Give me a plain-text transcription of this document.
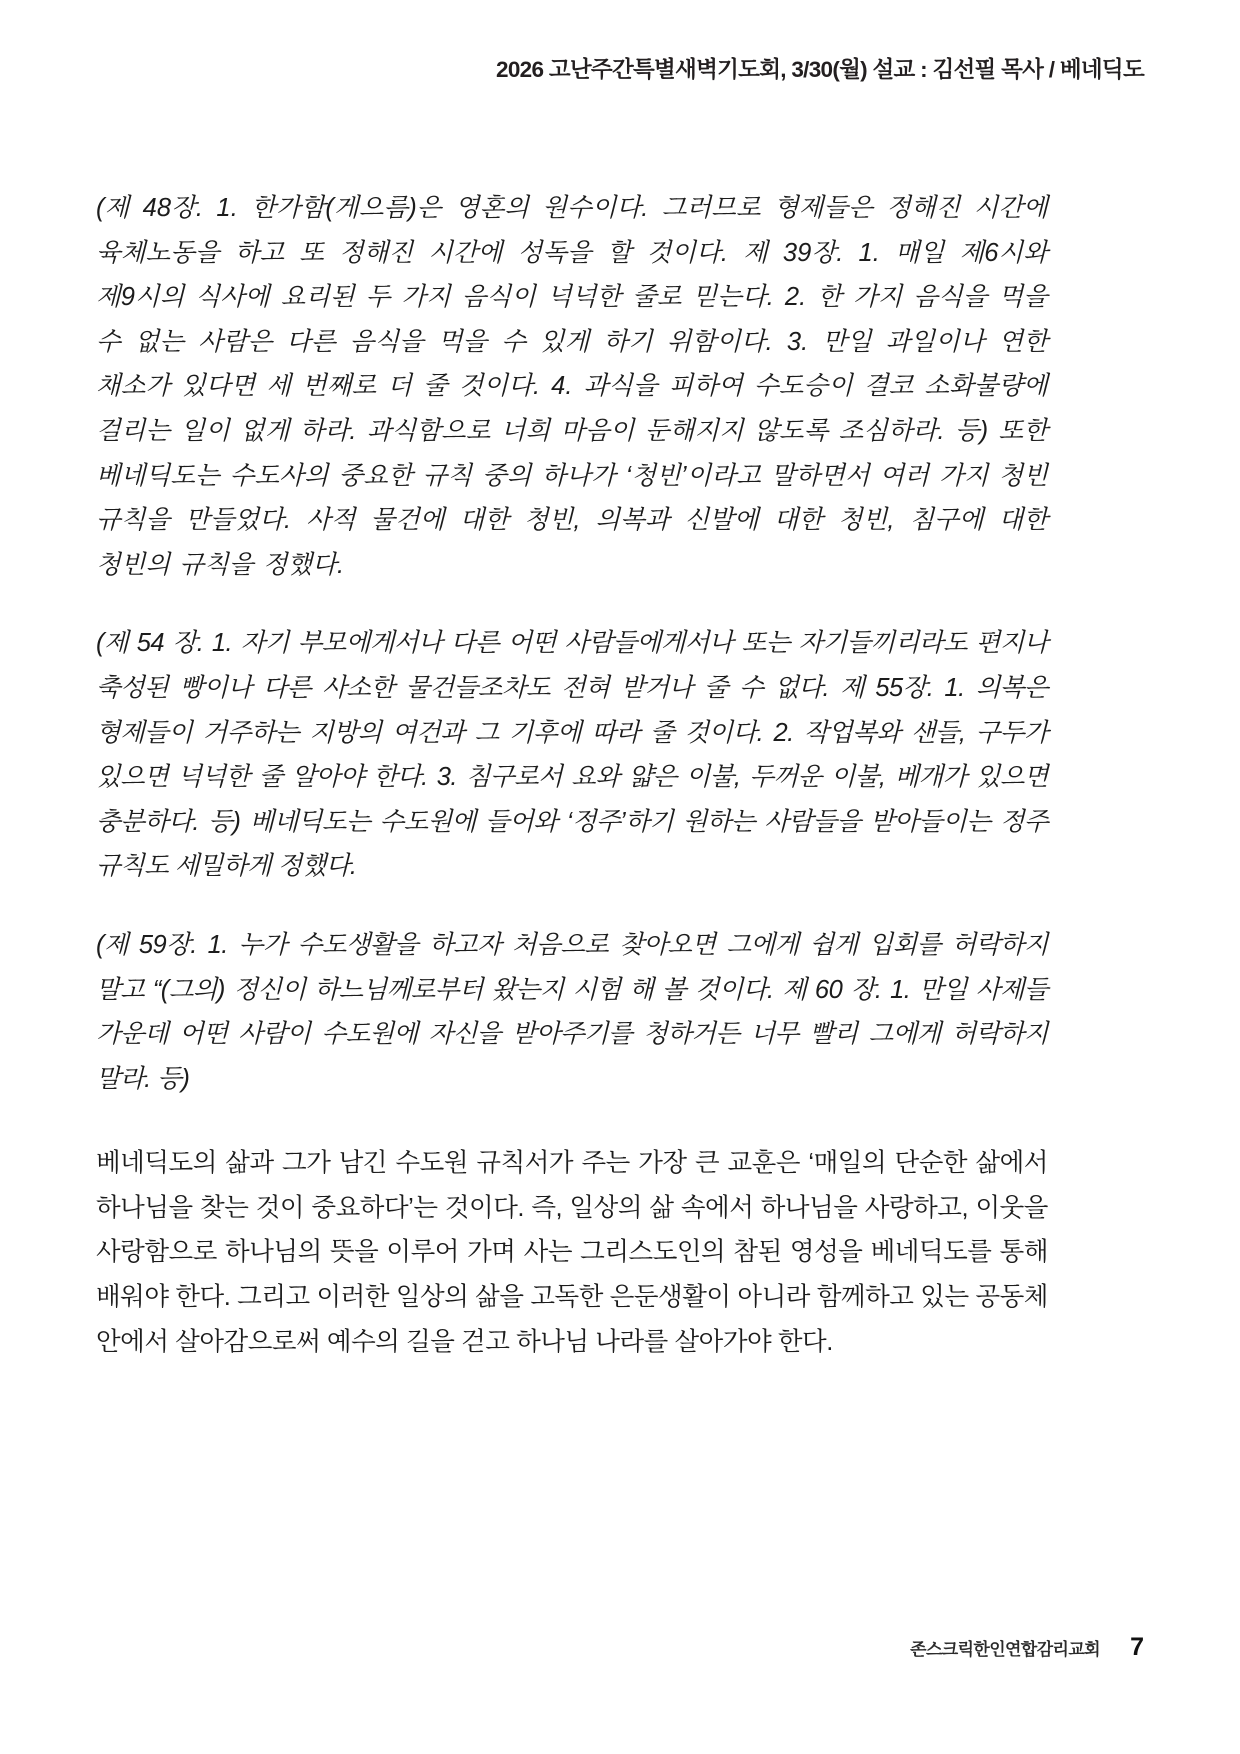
2026 고난주간특별새벽기도회, 3/30(월) 설교 : 김선필 목사 / 베네딕도

(제 48장. 1. 한가함(게으름)은 영혼의 원수이다. 그러므로 형제들은 정해진 시간에 육체노동을 하고 또 정해진 시간에 성독을 할 것이다. 제 39장. 1. 매일 제6시와 제9시의 식사에 요리된 두 가지 음식이 넉넉한 줄로 믿는다. 2. 한 가지 음식을 먹을 수 없는 사람은 다른 음식을 먹을 수 있게 하기 위함이다. 3. 만일 과일이나 연한 채소가 있다면 세 번째로 더 줄 것이다. 4. 과식을 피하여 수도승이 결코 소화불량에 걸리는 일이 없게 하라. 과식함으로 너희 마음이 둔해지지 않도록 조심하라. 등) 또한 베네딕도는 수도사의 중요한 규칙 중의 하나가 ‘청빈’이라고 말하면서 여러 가지 청빈 규칙을 만들었다. 사적 물건에 대한 청빈, 의복과 신발에 대한 청빈, 침구에 대한 청빈의 규칙을 정했다.

(제 54 장. 1. 자기 부모에게서나 다른 어떤 사람들에게서나 또는 자기들끼리라도 편지나 축성된 빵이나 다른 사소한 물건들조차도 전혀 받거나 줄 수 없다. 제 55장. 1. 의복은 형제들이 거주하는 지방의 여건과 그 기후에 따라 줄 것이다. 2. 작업복와 샌들, 구두가 있으면 넉넉한 줄 알아야 한다. 3. 침구로서 요와 얇은 이불, 두꺼운 이불, 베개가 있으면 충분하다. 등) 베네딕도는 수도원에 들어와 ‘정주’하기 원하는 사람들을 받아들이는 정주 규칙도 세밀하게 정했다.

(제 59장. 1. 누가 수도생활을 하고자 처음으로 찾아오면 그에게 쉽게 입회를 허락하지 말고 “(그의) 정신이 하느님께로부터 왔는지 시험 해 볼 것이다. 제 60 장. 1. 만일 사제들 가운데 어떤 사람이 수도원에 자신을 받아주기를 청하거든 너무 빨리 그에게 허락하지 말라. 등)

베네딕도의 삶과 그가 남긴 수도원 규칙서가 주는 가장 큰 교훈은 ‘매일의 단순한 삶에서 하나님을 찾는 것이 중요하다’는 것이다. 즉, 일상의 삶 속에서 하나님을 사랑하고, 이웃을 사랑함으로 하나님의 뜻을 이루어 가며 사는 그리스도인의 참된 영성을 베네딕도를 통해 배워야 한다. 그리고 이러한 일상의 삶을 고독한 은둔생활이 아니라 함께하고 있는 공동체 안에서 살아감으로써 예수의 길을 걷고 하나님 나라를 살아가야 한다.

존스크릭한인연합감리교회 7
